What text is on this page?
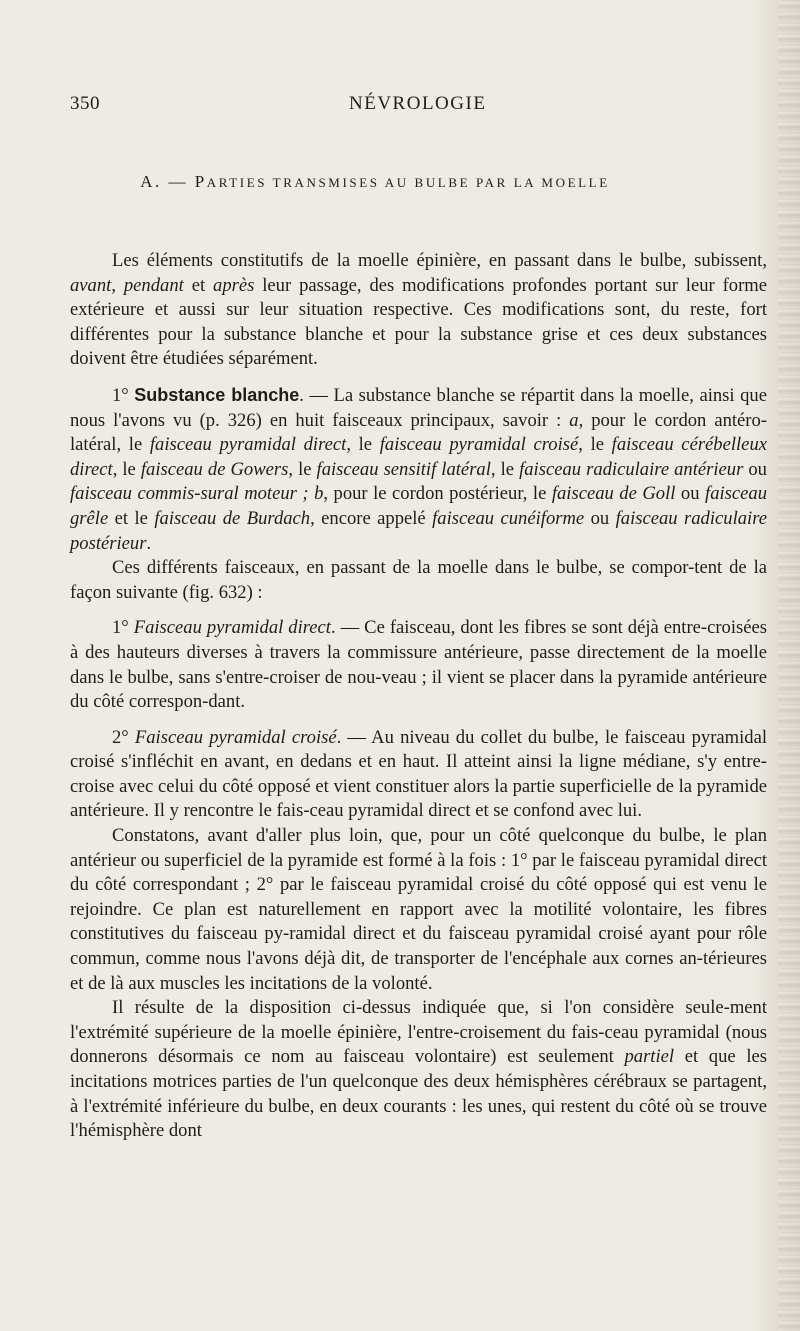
350	NÉVROLOGIE
A. — PARTIES TRANSMISES AU BULBE PAR LA MOELLE

Les éléments constitutifs de la moelle épinière, en passant dans le bulbe, subissent, avant, pendant et après leur passage, des modifications profondes portant sur leur forme extérieure et aussi sur leur situation respective. Ces modifications sont, du reste, fort différentes pour la substance blanche et pour la substance grise et ces deux substances doivent être étudiées séparément.

1° Substance blanche. — La substance blanche se répartit dans la moelle, ainsi que nous l'avons vu (p. 326) en huit faisceaux principaux, savoir : a, pour le cordon antéro-latéral, le faisceau pyramidal direct, le faisceau pyramidal croisé, le faisceau cérébelleux direct, le faisceau de Gowers, le faisceau sensitif latéral, le faisceau radiculaire antérieur ou faisceau commis-sural moteur ; b, pour le cordon postérieur, le faisceau de Goll ou faisceau grêle et le faisceau de Burdach, encore appelé faisceau cunéiforme ou faisceau radiculaire postérieur.

Ces différents faisceaux, en passant de la moelle dans le bulbe, se compor-tent de la façon suivante (fig. 632) :

1° Faisceau pyramidal direct. — Ce faisceau, dont les fibres se sont déjà entre-croisées à des hauteurs diverses à travers la commissure antérieure, passe directement de la moelle dans le bulbe, sans s'entre-croiser de nou-veau ; il vient se placer dans la pyramide antérieure du côté correspon-dant.

2° Faisceau pyramidal croisé. — Au niveau du collet du bulbe, le faisceau pyramidal croisé s'infléchit en avant, en dedans et en haut. Il atteint ainsi la ligne médiane, s'y entre-croise avec celui du côté opposé et vient constituer alors la partie superficielle de la pyramide antérieure. Il y rencontre le fais-ceau pyramidal direct et se confond avec lui.

Constatons, avant d'aller plus loin, que, pour un côté quelconque du bulbe, le plan antérieur ou superficiel de la pyramide est formé à la fois : 1° par le faisceau pyramidal direct du côté correspondant ; 2° par le faisceau pyramidal croisé du côté opposé qui est venu le rejoindre. Ce plan est naturellement en rapport avec la motilité volontaire, les fibres constitutives du faisceau py-ramidal direct et du faisceau pyramidal croisé ayant pour rôle commun, comme nous l'avons déjà dit, de transporter de l'encéphale aux cornes an-térieures et de là aux muscles les incitations de la volonté.

Il résulte de la disposition ci-dessus indiquée que, si l'on considère seule-ment l'extrémité supérieure de la moelle épinière, l'entre-croisement du fais-ceau pyramidal (nous donnerons désormais ce nom au faisceau volontaire) est seulement partiel et que les incitations motrices parties de l'un quelconque des deux hémisphères cérébraux se partagent, à l'extrémité inférieure du bulbe, en deux courants : les unes, qui restent du côté où se trouve l'hémisphère dont
